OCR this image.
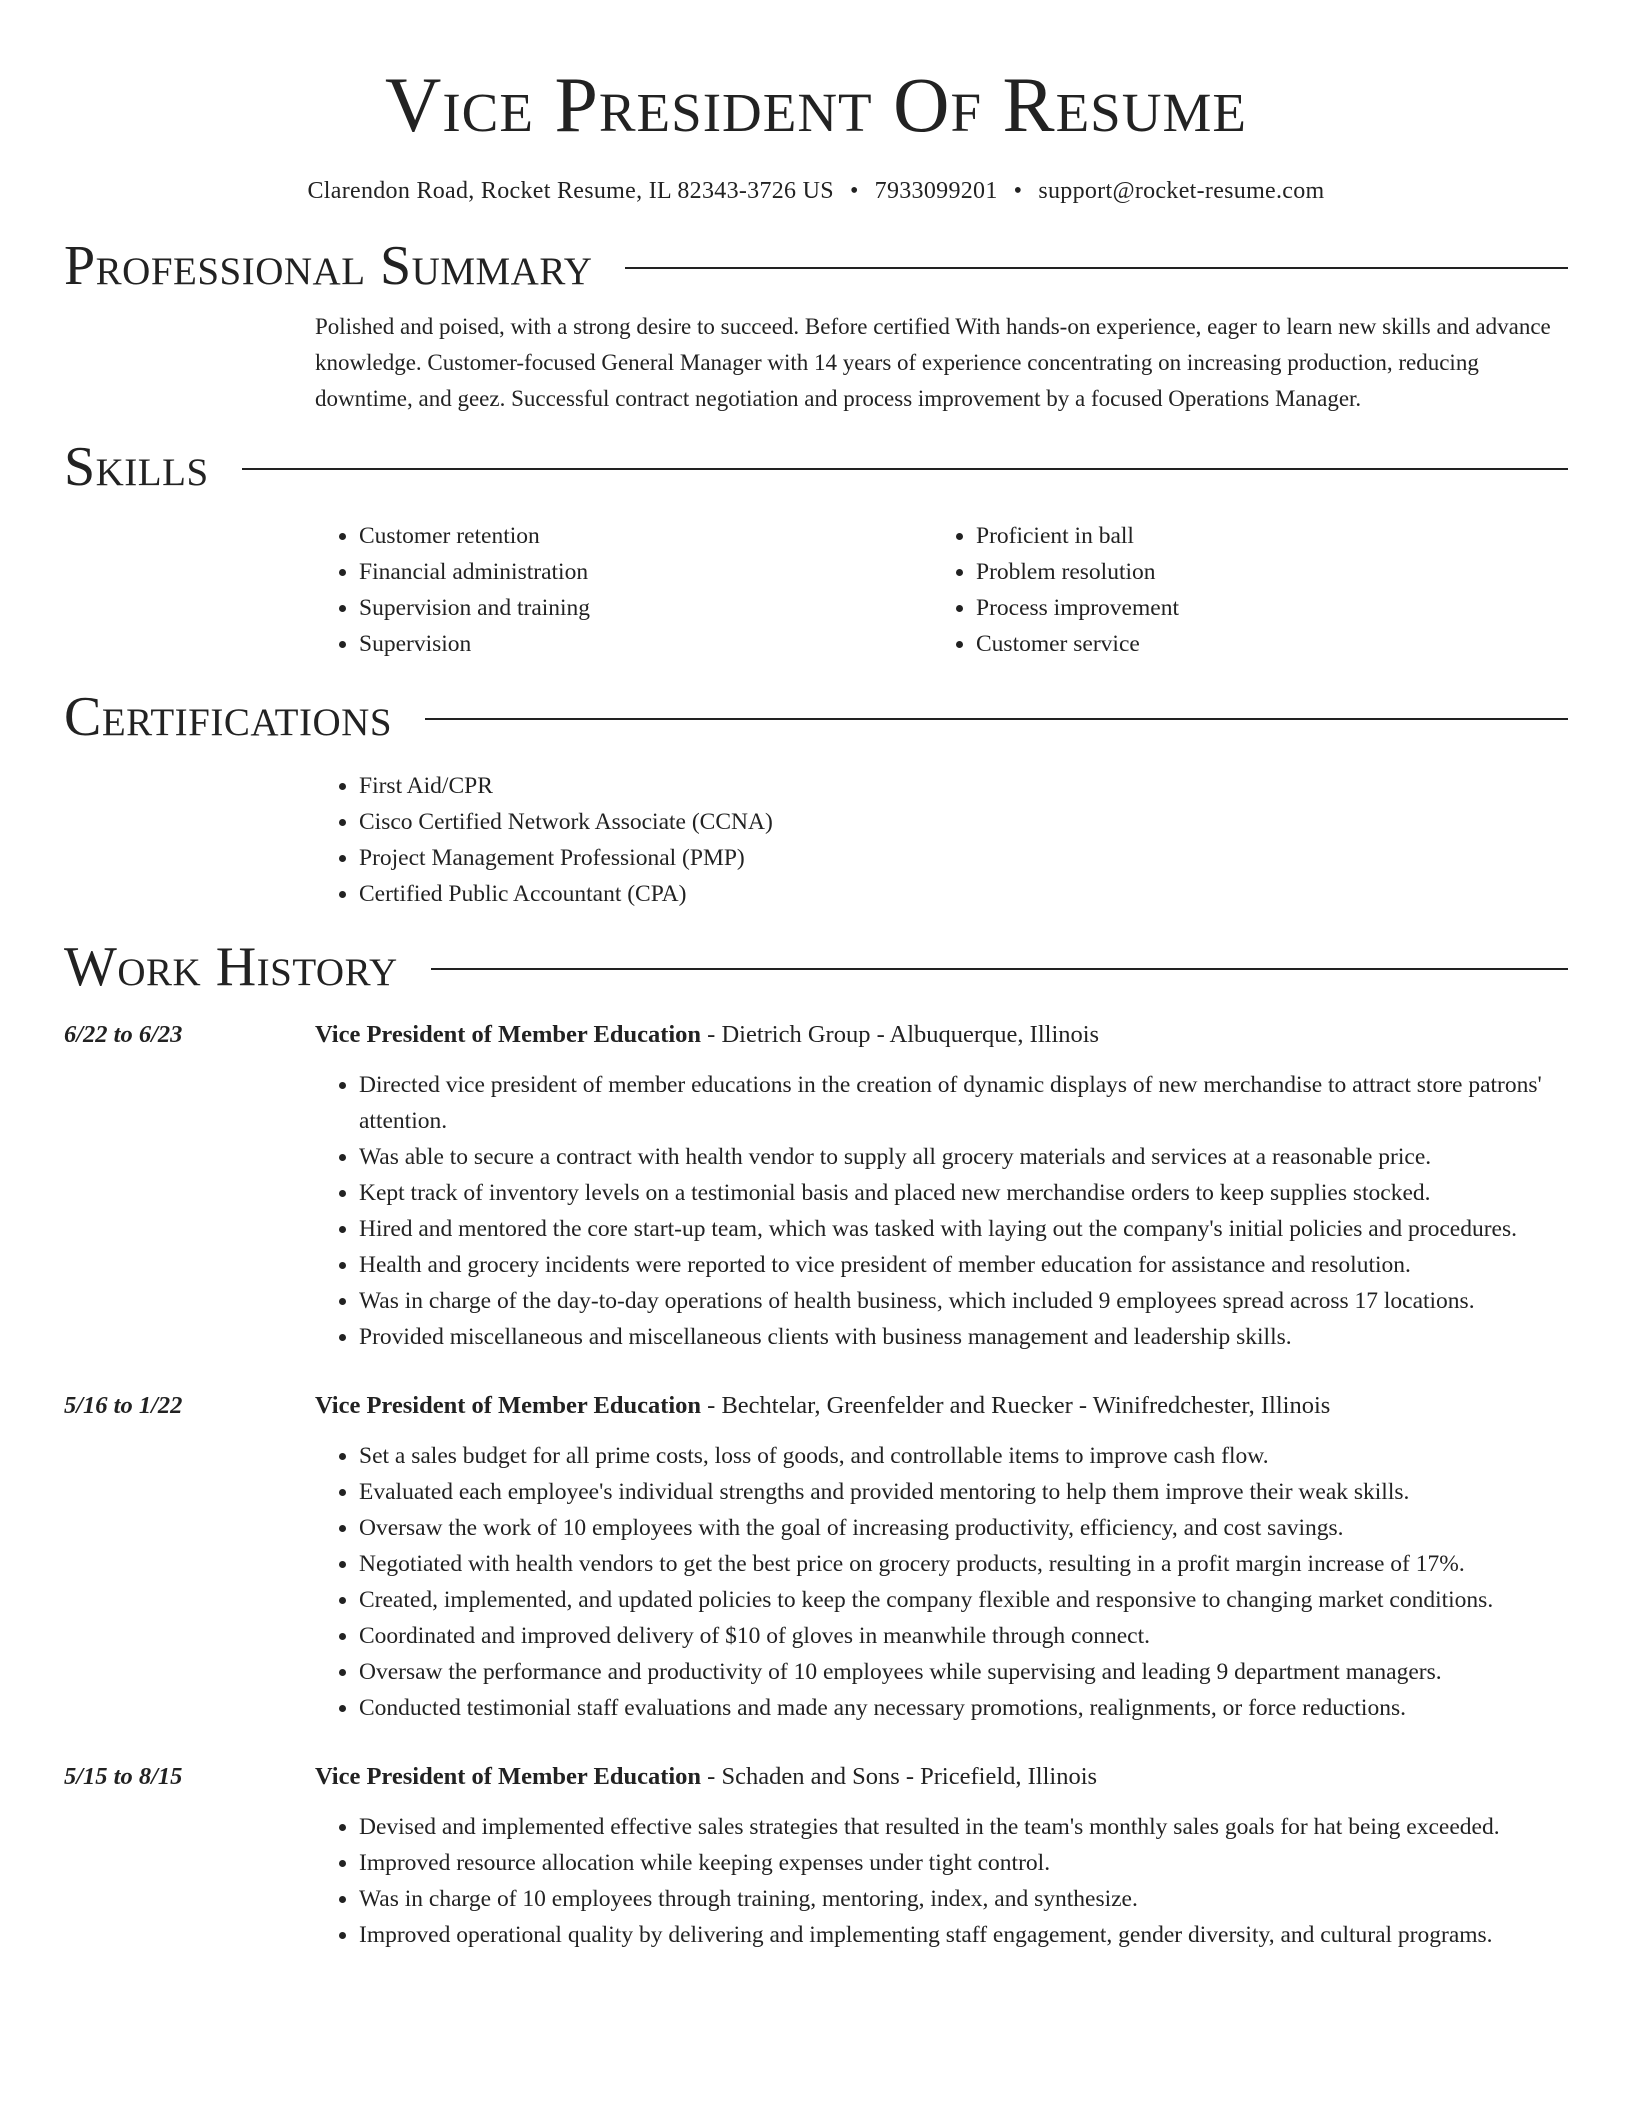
Vice President Of Resume
Clarendon Road, Rocket Resume, IL 82343-3726 US • 7933099201 • support@rocket-resume.com
Professional Summary

Polished and poised, with a strong desire to succeed. Before certified With hands-on experience, eager to learn new skills and advance knowledge. Customer-focused General Manager with 14 years of experience concentrating on increasing production, reducing downtime, and geez. Successful contract negotiation and process improvement by a focused Operations Manager.

Skills
• Customer retention
• Financial administration
• Supervision and training
• Supervision
• Proficient in ball
• Problem resolution
• Process improvement
• Customer service
Certifications
• First Aid/CPR
• Cisco Certified Network Associate (CCNA)
• Project Management Professional (PMP)
• Certified Public Accountant (CPA)
Work History
6/22 to 6/23	Vice President of Member Education - Dietrich Group - Albuquerque, Illinois
• Directed vice president of member educations in the creation of dynamic displays of new merchandise to attract store patrons' attention.
• Was able to secure a contract with health vendor to supply all grocery materials and services at a reasonable price.
• Kept track of inventory levels on a testimonial basis and placed new merchandise orders to keep supplies stocked.
• Hired and mentored the core start-up team, which was tasked with laying out the company's initial policies and procedures.
• Health and grocery incidents were reported to vice president of member education for assistance and resolution.
• Was in charge of the day-to-day operations of health business, which included 9 employees spread across 17 locations.
• Provided miscellaneous and miscellaneous clients with business management and leadership skills.
5/16 to 1/22	Vice President of Member Education - Bechtelar, Greenfelder and Ruecker - Winifredchester, Illinois
• Set a sales budget for all prime costs, loss of goods, and controllable items to improve cash flow.
• Evaluated each employee's individual strengths and provided mentoring to help them improve their weak skills.
• Oversaw the work of 10 employees with the goal of increasing productivity, efficiency, and cost savings.
• Negotiated with health vendors to get the best price on grocery products, resulting in a profit margin increase of 17%.
• Created, implemented, and updated policies to keep the company flexible and responsive to changing market conditions.
• Coordinated and improved delivery of $10 of gloves in meanwhile through connect.
• Oversaw the performance and productivity of 10 employees while supervising and leading 9 department managers.
• Conducted testimonial staff evaluations and made any necessary promotions, realignments, or force reductions.
5/15 to 8/15	Vice President of Member Education - Schaden and Sons - Pricefield, Illinois
• Devised and implemented effective sales strategies that resulted in the team's monthly sales goals for hat being exceeded.
• Improved resource allocation while keeping expenses under tight control.
• Was in charge of 10 employees through training, mentoring, index, and synthesize.
• Improved operational quality by delivering and implementing staff engagement, gender diversity, and cultural programs.
